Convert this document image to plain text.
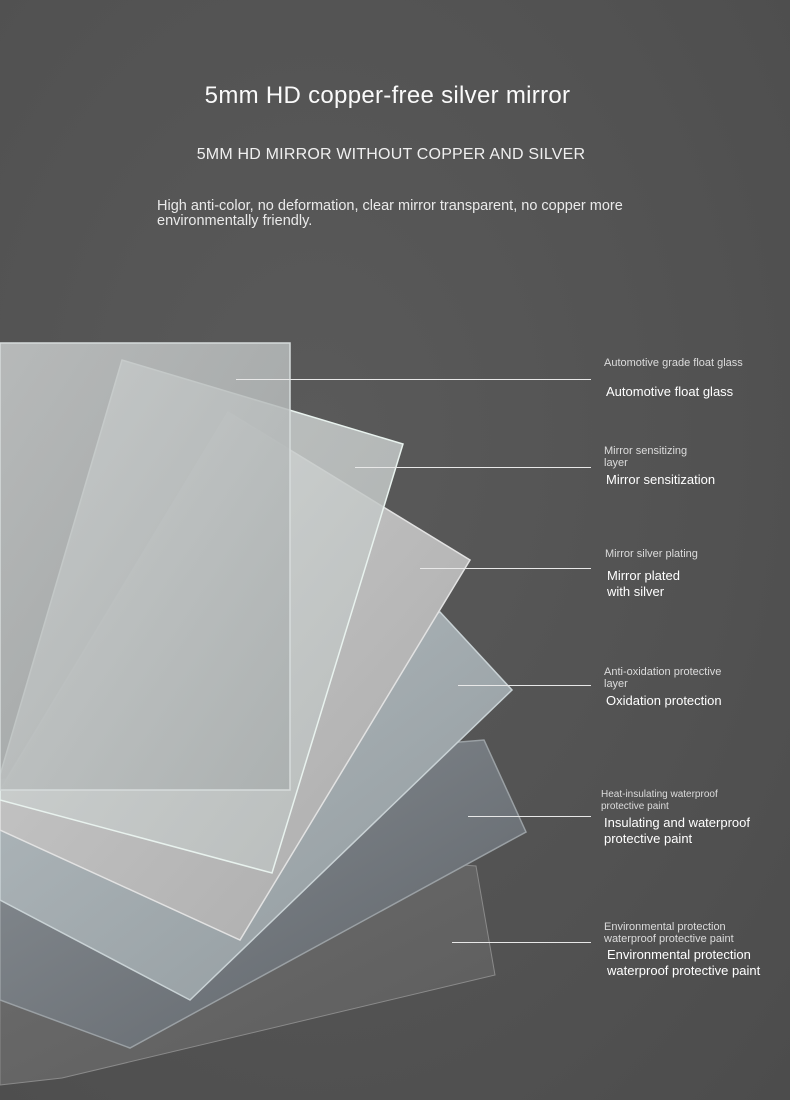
5mm HD copper-free silver mirror
5MM HD MIRROR WITHOUT COPPER AND SILVER
High anti-color, no deformation, clear mirror transparent, no copper more environmentally friendly.
Automotive grade float glass
Automotive float glass
Mirror sensitizing layer
Mirror sensitization
Mirror silver plating
Mirror plated with silver
Anti-oxidation protective layer
Oxidation protection
Heat-insulating waterproof protective paint
Insulating and waterproof protective paint
Environmental protection waterproof protective paint
Environmental protection waterproof protective paint
